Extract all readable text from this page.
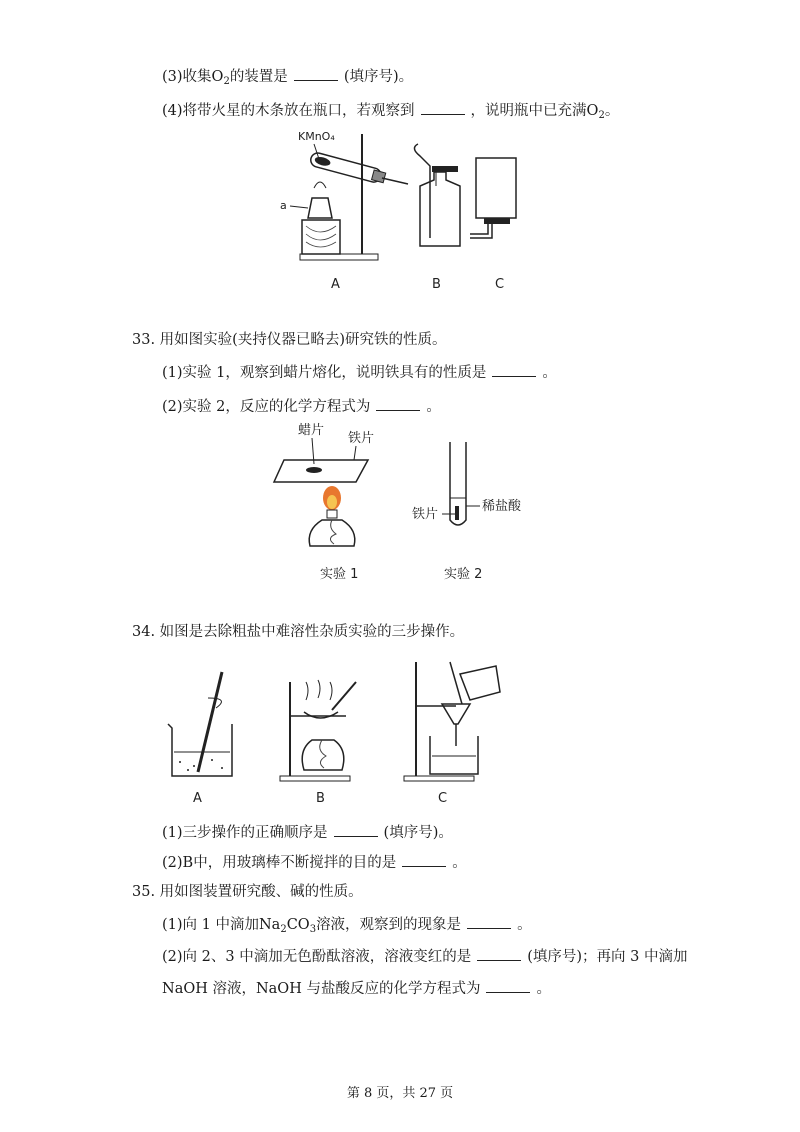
(3)收集$O_2$的装置是	(填序号)。
(4)将带火星的木条放在瓶口，若观察到	，说明瓶中已充满$O_2$。
KMnO₄
a
A	B	C
33. 用如图实验(夹持仪器已略去)研究铁的性质。
(1)实验 1，观察到蜡片熔化，说明铁具有的性质是	。
(2)实验 2，反应的化学方程式为	。
蜡片
铁片
稀盐酸
铁片
实验 1	实验 2
34. 如图是去除粗盐中难溶性杂质实验的三步操作。
A	B	C
(1)三步操作的正确顺序是	(填序号)。
(2)B中，用玻璃棒不断搅拌的目的是	。
35. 用如图装置研究酸、碱的性质。
(1)向 1 中滴加$Na_2CO_3$溶液，观察到的现象是	。
(2)向 2、3 中滴加无色酚酞溶液，溶液变红的是	(填序号)；再向 3 中滴加
NaOH 溶液，NaOH 与盐酸反应的化学方程式为	。
第 8 页，共 27 页
